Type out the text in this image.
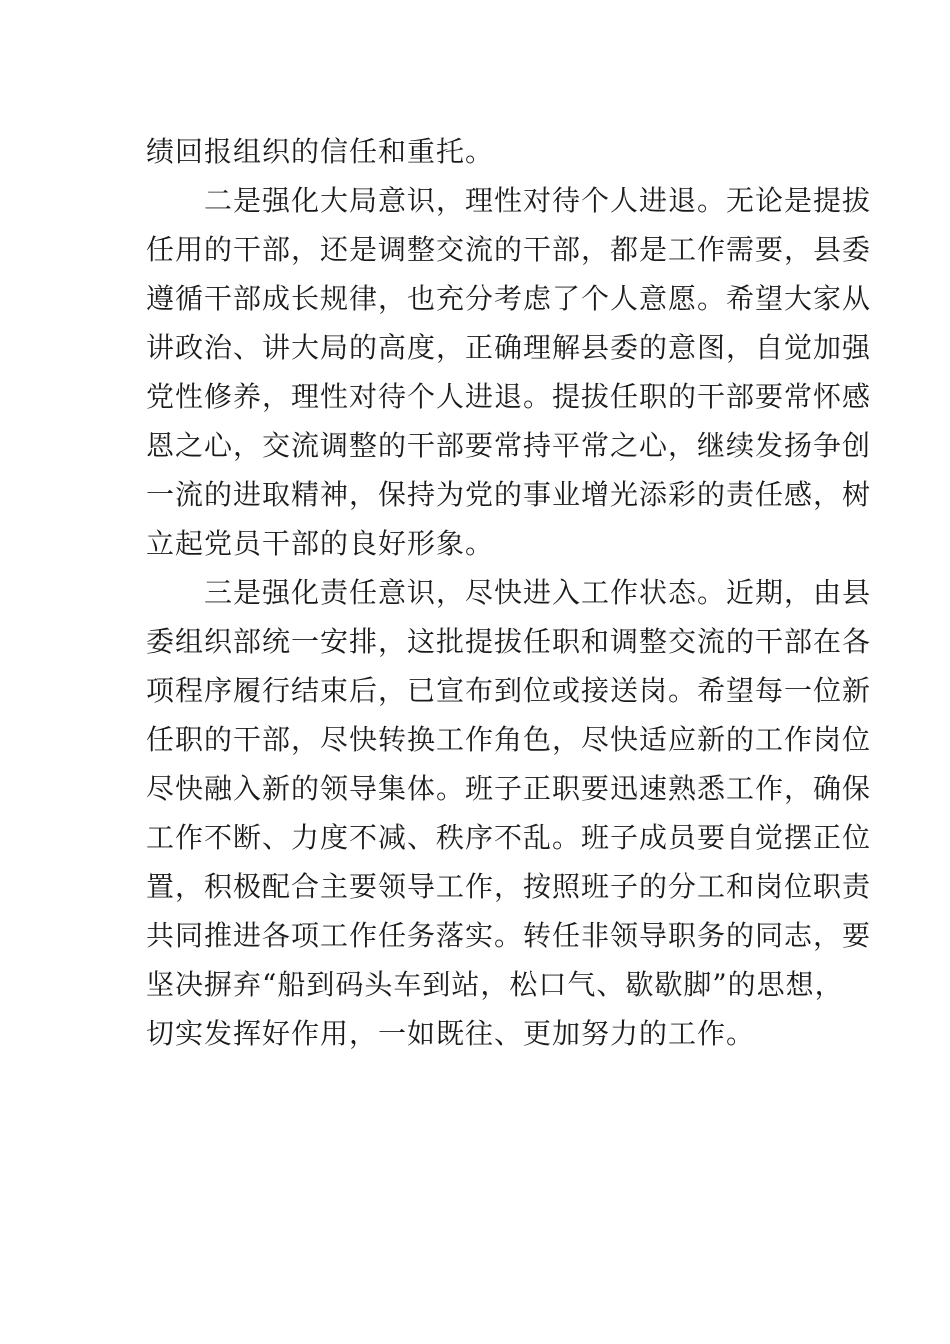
绩回报组织的信任和重托。
　　二是强化大局意识，理性对待个人进退。无论是提拔
任用的干部，还是调整交流的干部，都是工作需要，县委
遵循干部成长规律，也充分考虑了个人意愿。希望大家从
讲政治、讲大局的高度，正确理解县委的意图，自觉加强
党性修养，理性对待个人进退。提拔任职的干部要常怀感
恩之心，交流调整的干部要常持平常之心，继续发扬争创
一流的进取精神，保持为党的事业增光添彩的责任感，树
立起党员干部的良好形象。
　　三是强化责任意识，尽快进入工作状态。近期，由县
委组织部统一安排，这批提拔任职和调整交流的干部在各
项程序履行结束后，已宣布到位或接送岗。希望每一位新
任职的干部，尽快转换工作角色，尽快适应新的工作岗位
尽快融入新的领导集体。班子正职要迅速熟悉工作，确保
工作不断、力度不减、秩序不乱。班子成员要自觉摆正位
置，积极配合主要领导工作，按照班子的分工和岗位职责
共同推进各项工作任务落实。转任非领导职务的同志，要
坚决摒弃“船到码头车到站，松口气、歇歇脚”的思想，
切实发挥好作用，一如既往、更加努力的工作。
